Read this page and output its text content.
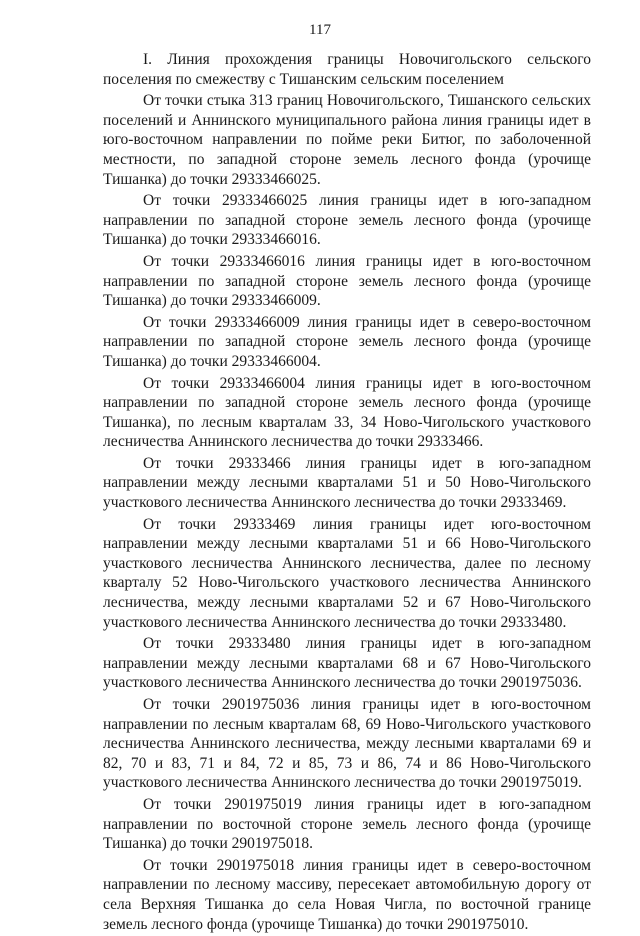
117

I. Линия прохождения границы Новочигольского сельского поселения по смежеству с Тишанским сельским поселением

От точки стыка 313 границ Новочигольского, Тишанского сельских поселений и Аннинского муниципального района линия границы идет в юго-восточном направлении по пойме реки Битюг, по заболоченной местности, по западной стороне земель лесного фонда (урочище Тишанка) до точки 29333466025.

От точки 29333466025 линия границы идет в юго-западном направлении по западной стороне земель лесного фонда (урочище Тишанка) до точки 29333466016.

От точки 29333466016 линия границы идет в юго-восточном направлении по западной стороне земель лесного фонда (урочище Тишанка) до точки 29333466009.

От точки 29333466009 линия границы идет в северо-восточном направлении по западной стороне земель лесного фонда (урочище Тишанка) до точки 29333466004.

От точки 29333466004 линия границы идет в юго-восточном направлении по западной стороне земель лесного фонда (урочище Тишанка), по лесным кварталам 33, 34 Ново-Чигольского участкового лесничества Аннинского лесничества до точки 29333466.

От точки 29333466 линия границы идет в юго-западном направлении между лесными кварталами 51 и 50 Ново-Чигольского участкового лесничества Аннинского лесничества до точки 29333469.

От точки 29333469 линия границы идет юго-восточном направлении между лесными кварталами 51 и 66 Ново-Чигольского участкового лесничества Аннинского лесничества, далее по лесному кварталу 52 Ново-Чигольского участкового лесничества Аннинского лесничества, между лесными кварталами 52 и 67 Ново-Чигольского участкового лесничества Аннинского лесничества до точки 29333480.

От точки 29333480 линия границы идет в юго-западном направлении между лесными кварталами 68 и 67 Ново-Чигольского участкового лесничества Аннинского лесничества до точки 2901975036.

От точки 2901975036 линия границы идет в юго-восточном направлении по лесным кварталам 68, 69 Ново-Чигольского участкового лесничества Аннинского лесничества, между лесными кварталами 69 и 82, 70 и 83, 71 и 84, 72 и 85, 73 и 86, 74 и 86 Ново-Чигольского участкового лесничества Аннинского лесничества до точки 2901975019.

От точки 2901975019 линия границы идет в юго-западном направлении по восточной стороне земель лесного фонда (урочище Тишанка) до точки 2901975018.

От точки 2901975018 линия границы идет в северо-восточном направлении по лесному массиву, пересекает автомобильную дорогу от села Верхняя Тишанка до села Новая Чигла, по восточной границе земель лесного фонда (урочище Тишанка) до точки 2901975010.
